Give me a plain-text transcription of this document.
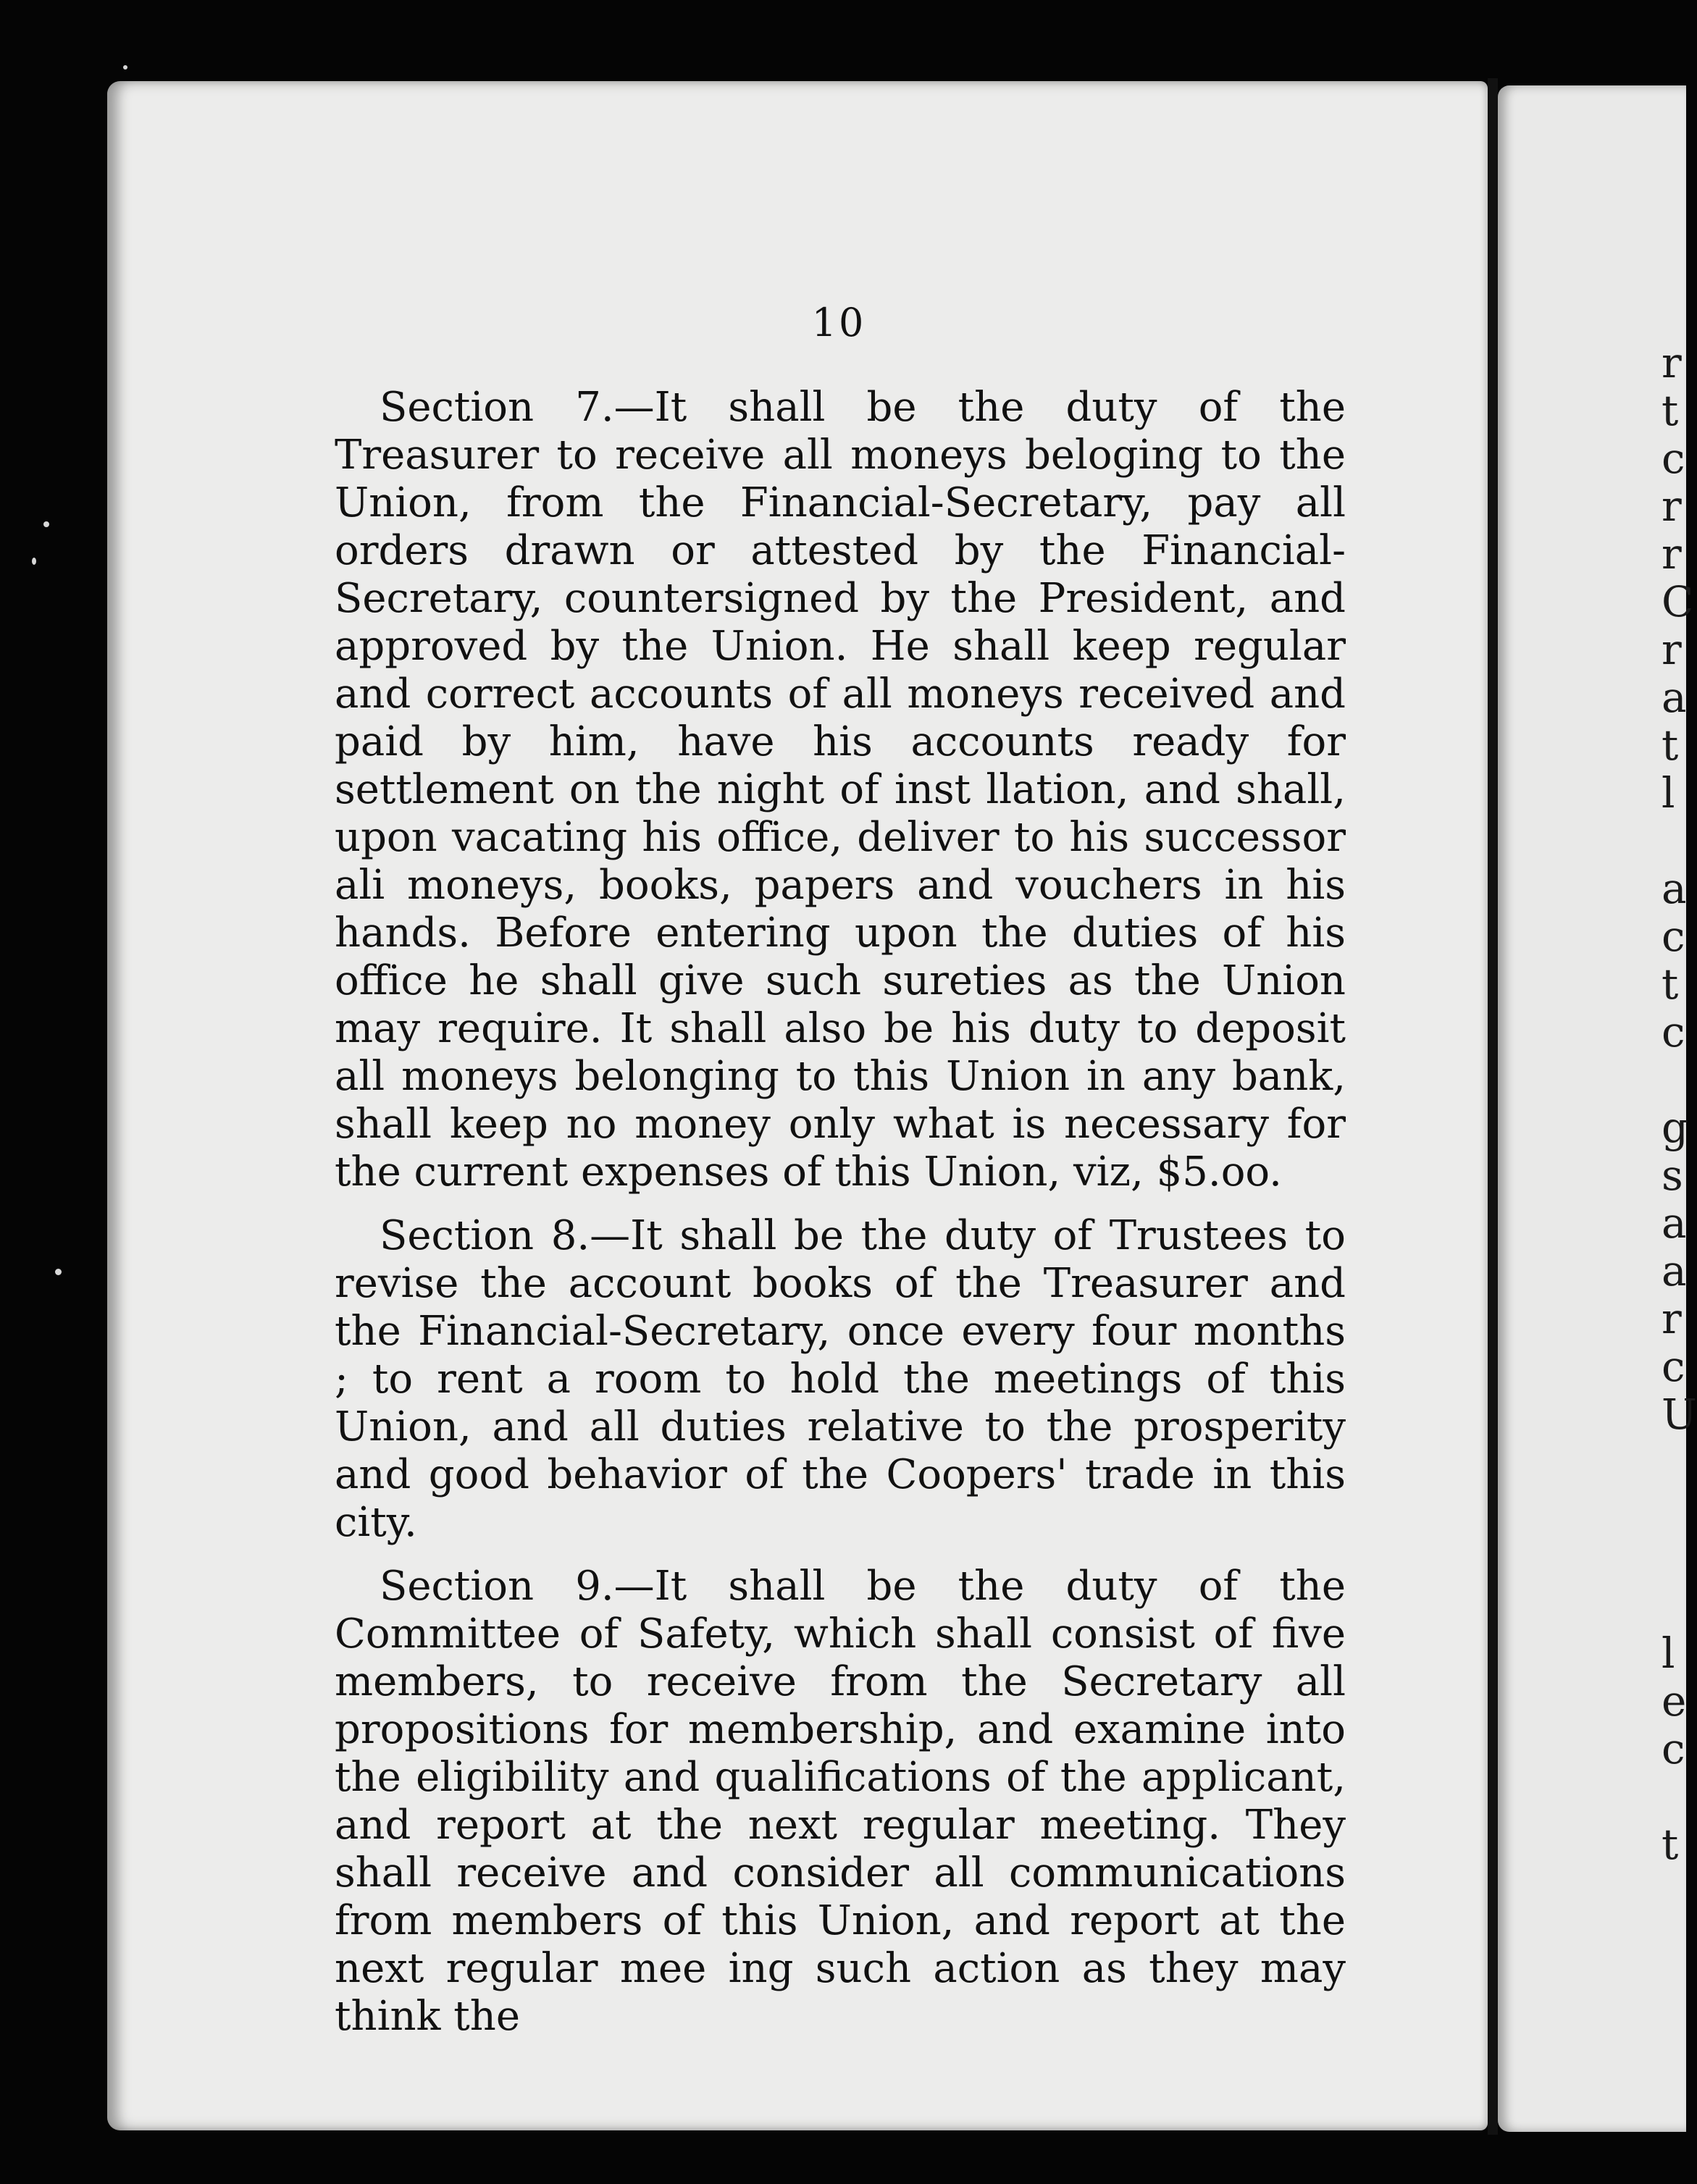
10

Section 7.—It shall be the duty of the Treasurer to receive all moneys beloging to the Union, from the Financial-Secretary, pay all orders drawn or attested by the Financial-Secretary, countersigned by the President, and approved by the Union. He shall keep regular and correct accounts of all moneys received and paid by him, have his accounts ready for settlement on the night of inst llation, and shall, upon vacating his office, deliver to his successor ali moneys, books, papers and vouchers in his hands. Before entering upon the duties of his office he shall give such sureties as the Union may require. It shall also be his duty to deposit all moneys belonging to this Union in any bank, shall keep no money only what is necessary for the current expenses of this Union, viz, $5.oo.

Section 8.—It shall be the duty of Trustees to revise the account books of the Treasurer and the Financial-Secretary, once every four months ; to rent a room to hold the meetings of this Union, and all duties relative to the prosperity and good behavior of the Coopers' trade in this city.

Section 9.—It shall be the duty of the Committee of Safety, which shall consist of five members, to receive from the Secretary all propositions for membership, and examine into the eligibility and qualifications of the applicant, and report at the next regular meeting. They shall receive and consider all communications from members of this Union, and report at the next regular mee ing such action as they may think the

r
t
c
r
r
C
r
a
t
l
a
c
t
c
g
s
a
a
r
c
U
l
e
c
t
